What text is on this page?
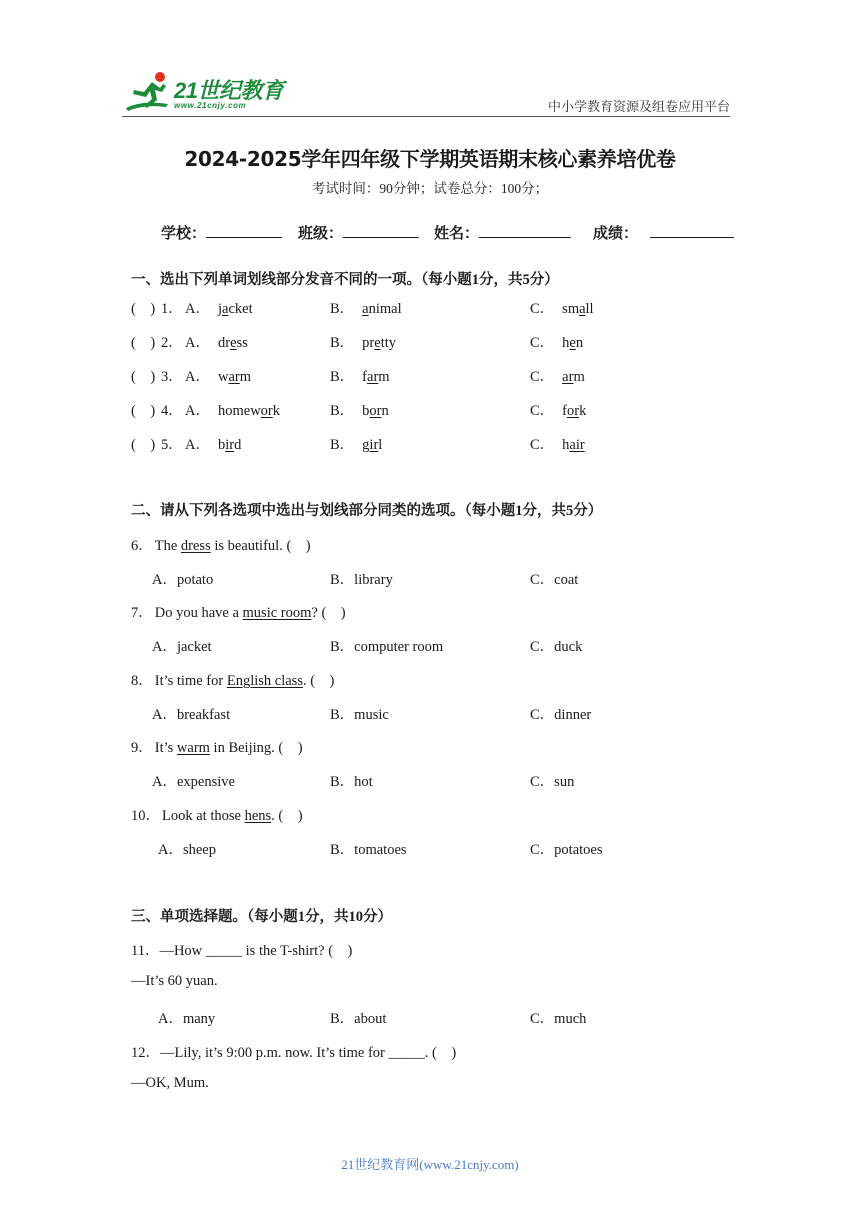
21世纪教育
www.21cnjy.com	中小学教育资源及组卷应用平台
2024-2025学年四年级下学期英语期末核心素养培优卷
考试时间：90分钟；试卷总分：100分；
学校：	班级：	姓名：	成绩：
一、选出下列单词划线部分发音不同的一项。（每小题1分，共5分）
(　) 1． A． jacket	B． animal	C． small
(　) 2． A． dress	B． pretty	C． hen
(　) 3． A． warm	B． farm	C． arm
(　) 4． A． homework	B． born	C． fork
(　) 5． A． bird	B． girl	C． hair
二、请从下列各选项中选出与划线部分同类的选项。（每小题1分，共5分）
6． The dress is beautiful. (　)
A．potato	B．library	C．coat
7． Do you have a music room? (　)
A．jacket	B．computer room	C．duck
8． It’s time for English class. (　)
A．breakfast	B．music	C．dinner
9． It’s warm in Beijing. (　)
A．expensive	B．hot	C．sun
10． Look at those hens. (　)
A．sheep	B．tomatoes	C．potatoes
三、单项选择题。（每小题1分，共10分）
11．—How _____ is the T-shirt? (　)
—It’s 60 yuan.
A．many	B．about	C．much
12．—Lily, it’s 9:00 p.m. now. It’s time for _____. (　)
—OK, Mum.
21世纪教育网(www.21cnjy.com)
